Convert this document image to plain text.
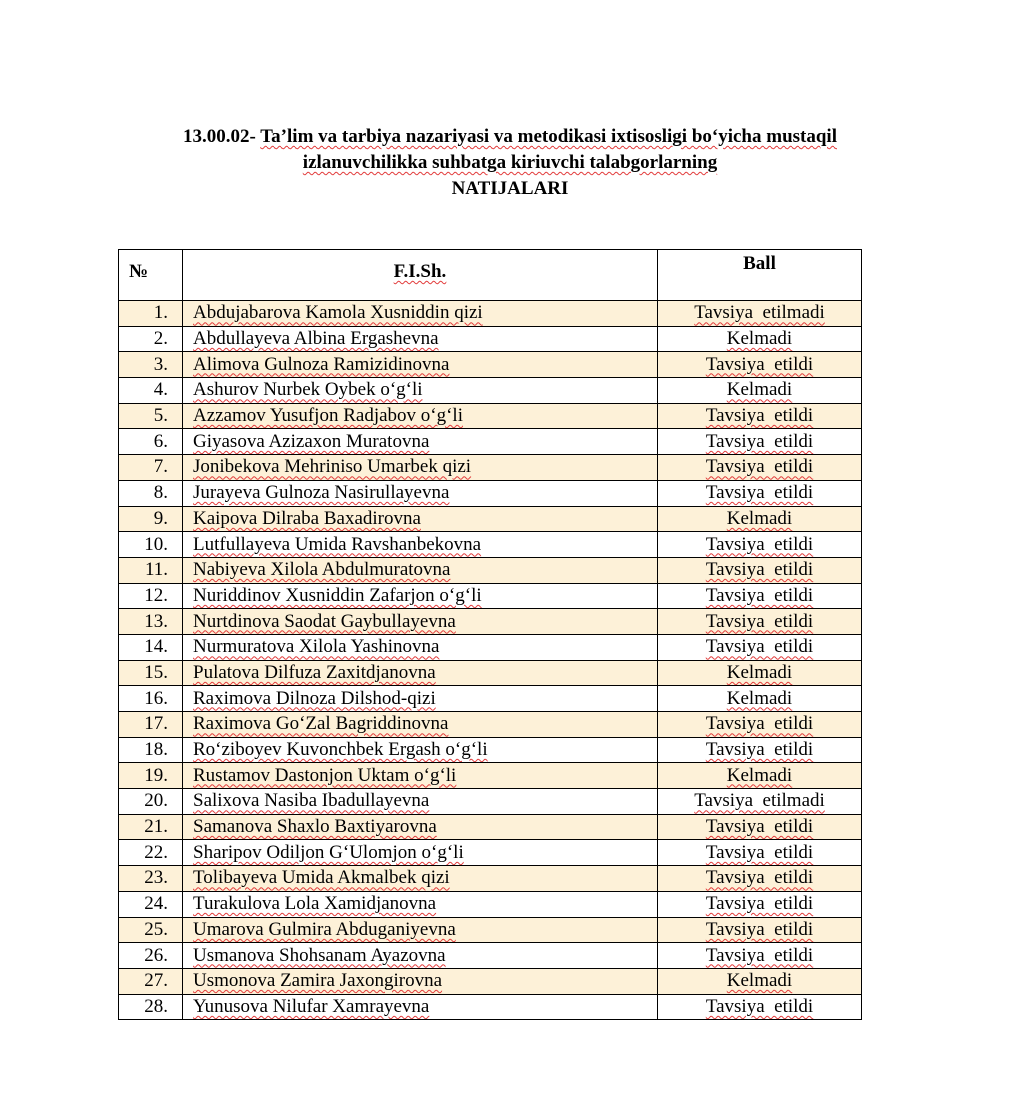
13.00.02- Ta’lim va tarbiya nazariyasi va metodikasi ixtisosligi bo‘yicha mustaqil
izlanuvchilikka suhbatga kiriuvchi talabgorlarning
NATIJALARI
№	F.I.Sh.	Ball
1.	Abdujabarova Kamola Xusniddin qizi	Tavsiya  etilmadi
2.	Abdullayeva Albina Ergashevna	Kelmadi
3.	Alimova Gulnoza Ramizidinovna	Tavsiya  etildi
4.	Ashurov Nurbek Oybek o‘g‘li	Kelmadi
5.	Azzamov Yusufjon Radjabov o‘g‘li	Tavsiya  etildi
6.	Giyasova Azizaxon Muratovna	Tavsiya  etildi
7.	Jonibekova Mehriniso Umarbek qizi	Tavsiya  etildi
8.	Jurayeva Gulnoza Nasirullayevna	Tavsiya  etildi
9.	Kaipova Dilraba Baxadirovna	Kelmadi
10.	Lutfullayeva Umida Ravshanbekovna	Tavsiya  etildi
11.	Nabiyeva Xilola Abdulmuratovna	Tavsiya  etildi
12.	Nuriddinov Xusniddin Zafarjon o‘g‘li	Tavsiya  etildi
13.	Nurtdinova Saodat Gaybullayevna	Tavsiya  etildi
14.	Nurmuratova Xilola Yashinovna	Tavsiya  etildi
15.	Pulatova Dilfuza Zaxitdjanovna	Kelmadi
16.	Raximova Dilnoza Dilshod-qizi	Kelmadi
17.	Raximova Go‘Zal Bagriddinovna	Tavsiya  etildi
18.	Ro‘ziboyev Kuvonchbek Ergash o‘g‘li	Tavsiya  etildi
19.	Rustamov Dastonjon Uktam o‘g‘li	Kelmadi
20.	Salixova Nasiba Ibadullayevna	Tavsiya  etilmadi
21.	Samanova Shaxlo Baxtiyarovna	Tavsiya  etildi
22.	Sharipov Odiljon G‘Ulomjon o‘g‘li	Tavsiya  etildi
23.	Tolibayeva Umida Akmalbek qizi	Tavsiya  etildi
24.	Turakulova Lola Xamidjanovna	Tavsiya  etildi
25.	Umarova Gulmira Abduganiyevna	Tavsiya  etildi
26.	Usmanova Shohsanam Ayazovna	Tavsiya  etildi
27.	Usmonova Zamira Jaxongirovna	Kelmadi
28.	Yunusova Nilufar Xamrayevna	Tavsiya  etildi
